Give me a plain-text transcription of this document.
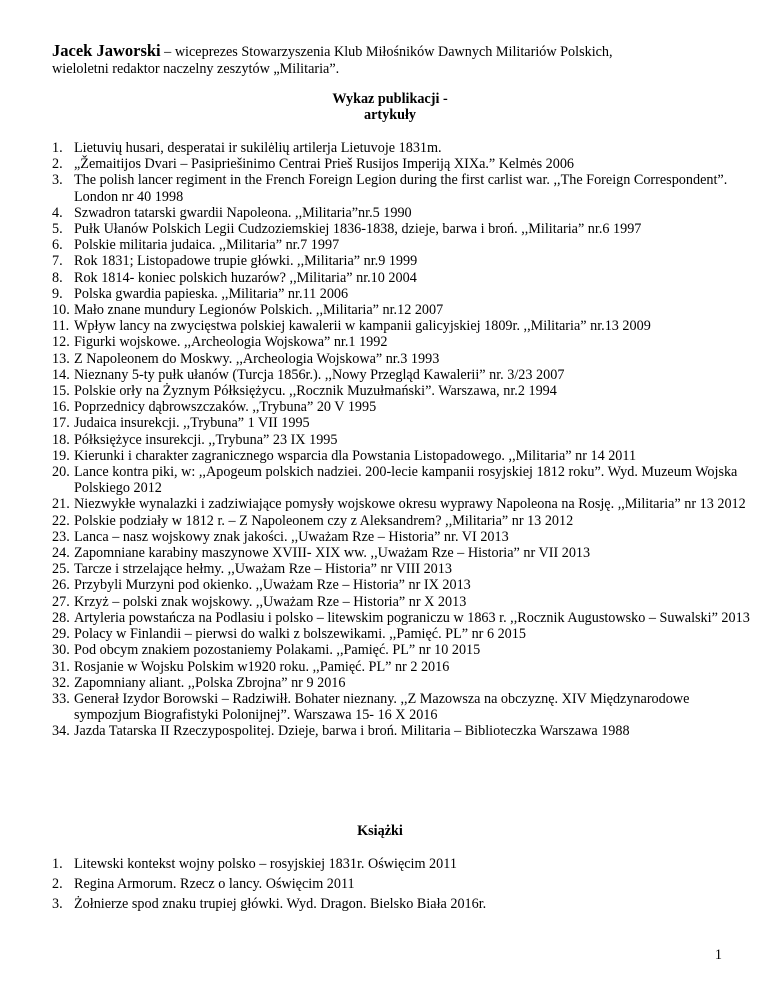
Jacek Jaworski – wiceprezes Stowarzyszenia Klub Miłośników Dawnych Militariów Polskich,
wieloletni redaktor naczelny zeszytów „Militaria”.
Wykaz publikacji -
artykuły
1. Lietuvių husari, desperatai ir sukilėlių artilerja Lietuvoje 1831m.
2. „Žemaitijos Dvari – Pasipriešinimo Centrai Prieš Rusijos Imperiją XIXa.” Kelmės 2006
3. The polish lancer regiment in the French Foreign Legion during the first carlist war. ,,The Foreign Correspondent”. London nr 40 1998
4. Szwadron tatarski gwardii Napoleona. ,,Militaria”nr.5 1990
5. Pułk Ułanów Polskich Legii Cudzoziemskiej 1836-1838, dzieje, barwa i broń. ,,Militaria” nr.6 1997
6. Polskie militaria judaica. ,,Militaria” nr.7 1997
7. Rok 1831; Listopadowe trupie główki. ,,Militaria” nr.9 1999
8. Rok 1814- koniec polskich huzarów? ,,Militaria” nr.10 2004
9. Polska gwardia papieska. ,,Militaria” nr.11 2006
10. Mało znane mundury Legionów Polskich. ,,Militaria” nr.12 2007
11. Wpływ lancy na zwycięstwa polskiej kawalerii w kampanii galicyjskiej 1809r. ,,Militaria” nr.13 2009
12. Figurki wojskowe. ,,Archeologia Wojskowa” nr.1 1992
13. Z Napoleonem do Moskwy. ,,Archeologia Wojskowa” nr.3 1993
14. Nieznany 5-ty pułk ułanów (Turcja 1856r.). ,,Nowy Przegląd Kawalerii” nr. 3/23 2007
15. Polskie orły na Żyznym Półksiężycu. ,,Rocznik Muzułmański”. Warszawa, nr.2 1994
16. Poprzednicy dąbrowszczaków. ,,Trybuna” 20 V 1995
17. Judaica insurekcji. ,,Trybuna” 1 VII 1995
18. Półksiężyce insurekcji. ,,Trybuna” 23 IX 1995
19. Kierunki i charakter zagranicznego wsparcia dla Powstania Listopadowego. ,,Militaria” nr 14 2011
20. Lance kontra piki, w: ,,Apogeum polskich nadziei. 200-lecie kampanii rosyjskiej 1812 roku”. Wyd. Muzeum Wojska Polskiego 2012
21. Niezwykłe wynalazki i zadziwiające pomysły wojskowe okresu wyprawy Napoleona na Rosję. ,,Militaria” nr 13 2012
22. Polskie podziały w 1812 r. – Z Napoleonem czy z Aleksandrem? ,,Militaria” nr 13 2012
23. Lanca – nasz wojskowy znak jakości. ,,Uważam Rze – Historia” nr. VI 2013
24. Zapomniane karabiny maszynowe XVIII- XIX ww. ,,Uważam Rze – Historia” nr VII 2013
25. Tarcze i strzelające hełmy. ,,Uważam Rze – Historia” nr VIII 2013
26. Przybyli Murzyni pod okienko. ,,Uważam Rze – Historia” nr IX 2013
27. Krzyż – polski znak wojskowy. ,,Uważam Rze – Historia” nr X 2013
28. Artyleria powstańcza na Podlasiu i polsko – litewskim pograniczu w 1863 r. ,,Rocznik Augustowsko – Suwalski” 2013
29. Polacy w Finlandii – pierwsi do walki z bolszewikami. ,,Pamięć. PL” nr 6 2015
30. Pod obcym znakiem pozostaniemy Polakami. ,,Pamięć. PL” nr 10 2015
31. Rosjanie w Wojsku Polskim w1920 roku. ,,Pamięć. PL” nr 2 2016
32. Zapomniany aliant. ,,Polska Zbrojna” nr 9 2016
33. Generał Izydor Borowski – Radziwiłł. Bohater nieznany. ,,Z Mazowsza na obczyznę. XIV Międzynarodowe sympozjum Biografistyki Polonijnej”. Warszawa 15- 16 X 2016
34. Jazda Tatarska II Rzeczypospolitej. Dzieje, barwa i broń. Militaria – Biblioteczka Warszawa 1988
Książki
1. Litewski kontekst wojny polsko – rosyjskiej 1831r. Oświęcim 2011
2. Regina Armorum. Rzecz o lancy. Oświęcim 2011
3. Żołnierze spod znaku trupiej główki. Wyd. Dragon. Bielsko Biała 2016r.
1
